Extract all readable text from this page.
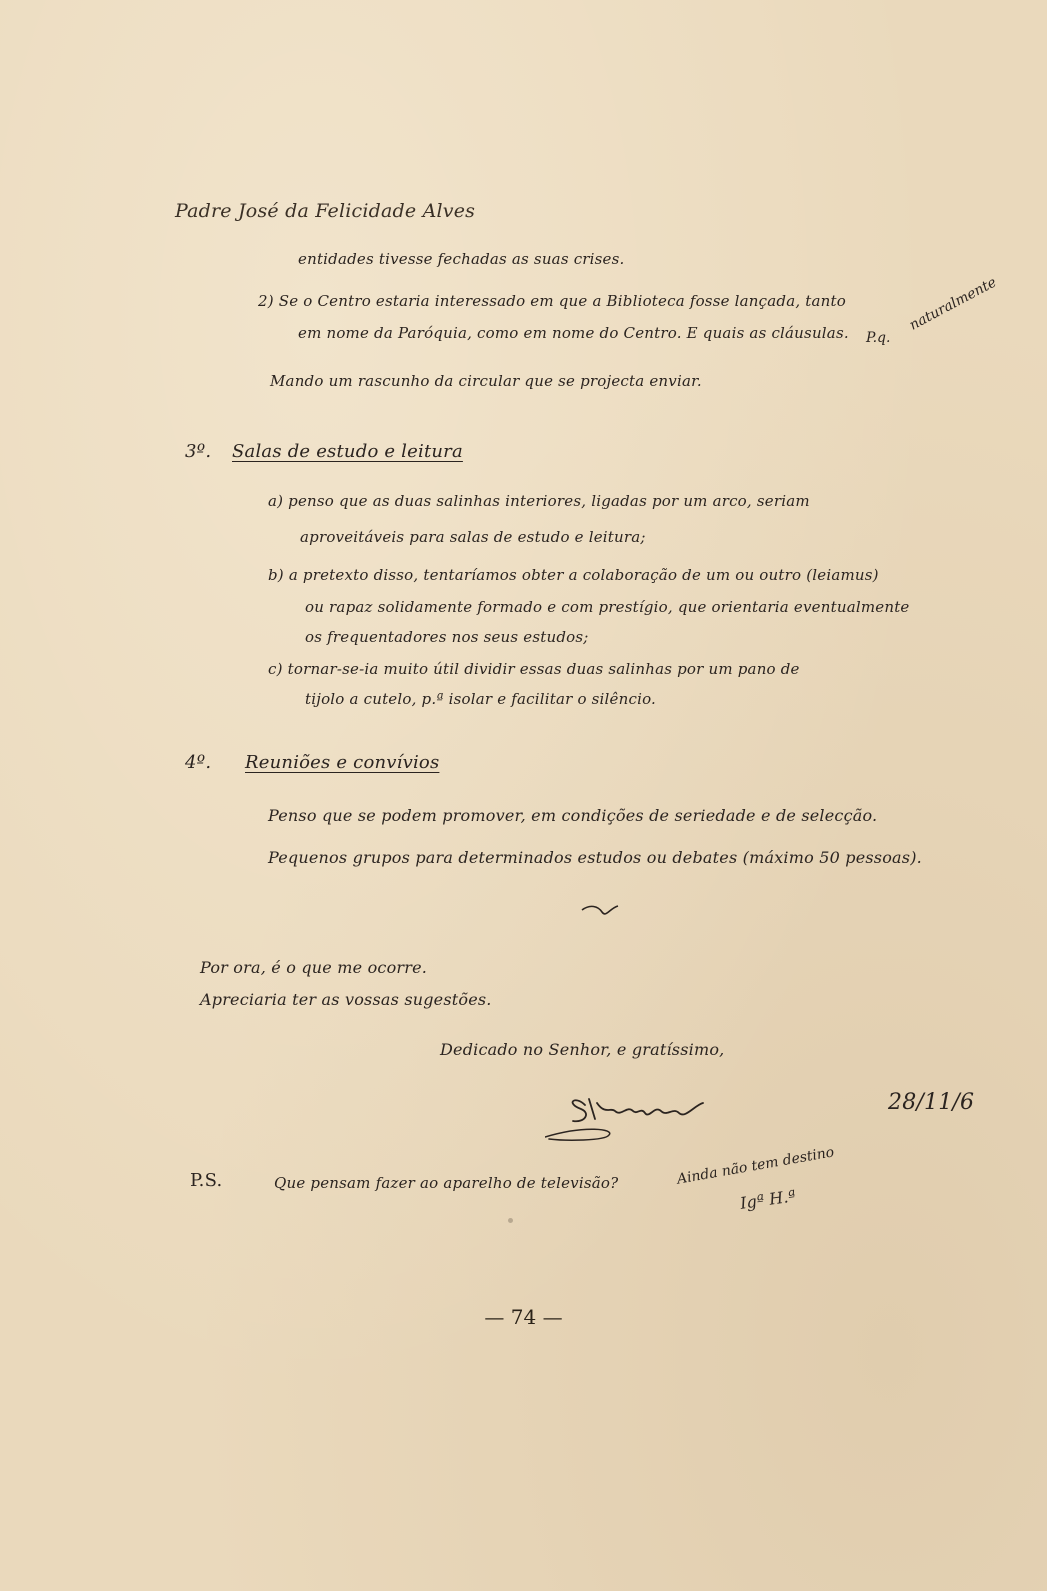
Padre José da Felicidade Alves
entidades tivesse fechadas as suas crises.
2) Se o Centro estaria interessado em que a Biblioteca fosse lançada, tanto
em nome da Paróquia, como em nome do Centro. E quais as cláusulas.	naturalmente
P.q.
Mando um rascunho da circular que se projecta enviar.
3º. Salas de estudo e leitura
a) penso que as duas salinhas interiores, ligadas por um arco, seriam
aproveitáveis para salas de estudo e leitura;
b) a pretexto disso, tentaríamos obter a colaboração de um ou outro (leiamus)
ou rapaz solidamente formado e com prestígio, que orientaria eventualmente
os frequentadores nos seus estudos;
c) tornar-se-ia muito útil dividir essas duas salinhas por um pano de
tijolo a cutelo, p.ª isolar e facilitar o silêncio.
4º. Reuniões e convívios
Penso que se podem promover, em condições de seriedade e de selecção.
Pequenos grupos para determinados estudos ou debates (máximo 50 pessoas).
Por ora, é o que me ocorre.
Apreciaria ter as vossas sugestões.
Dedicado no Senhor, e gratíssimo,
28/11/6
P.S.	Que pensam fazer ao aparelho de televisão?	Ainda não tem destino
Igª H.ª
— 74 —
